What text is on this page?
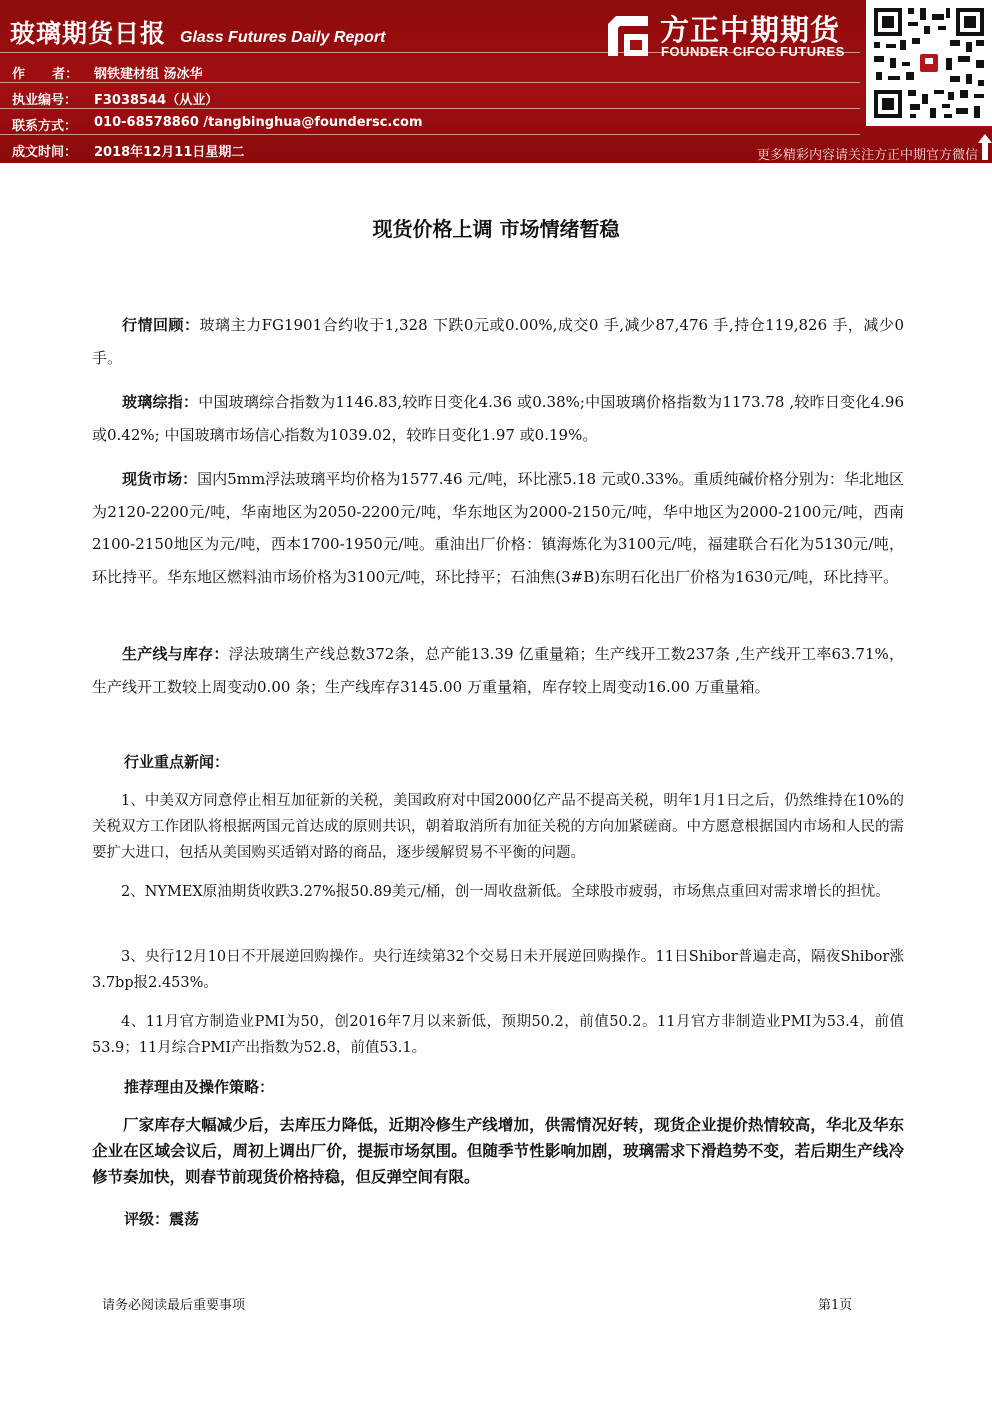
玻璃期货日报 Glass Futures Daily Report
作      者：	钢铁建材组 汤冰华
执业编号：	F3038544（从业）
联系方式：	010-68578860 /tangbinghua@foundersc.com
成文时间：	2018年12月11日星期二
方正中期期货
FOUNDER CIFCO FUTURES
更多精彩内容请关注方正中期官方微信
现货价格上调 市场情绪暂稳
行情回顾：玻璃主力FG1901合约收于1,328 下跌0元或0.00%,成交0 手,减少87,476 手,持仓119,826 手，减少0 手。
玻璃综指：中国玻璃综合指数为1146.83,较昨日变化4.36 或0.38%;中国玻璃价格指数为1173.78 ,较昨日变化4.96 或0.42%; 中国玻璃市场信心指数为1039.02，较昨日变化1.97 或0.19%。
现货市场：国内5mm浮法玻璃平均价格为1577.46 元/吨，环比涨5.18 元或0.33%。重质纯碱价格分别为：华北地区为2120-2200元/吨，华南地区为2050-2200元/吨，华东地区为2000-2150元/吨，华中地区为2000-2100元/吨，西南2100-2150地区为元/吨，西本1700-1950元/吨。重油出厂价格：镇海炼化为3100元/吨，福建联合石化为5130元/吨，环比持平。华东地区燃料油市场价格为3100元/吨，环比持平；石油焦(3#B)东明石化出厂价格为1630元/吨，环比持平。
生产线与库存：浮法玻璃生产线总数372条，总产能13.39 亿重量箱；生产线开工数237条 ,生产线开工率63.71%，生产线开工数较上周变动0.00 条；生产线库存3145.00 万重量箱，库存较上周变动16.00 万重量箱。
行业重点新闻：
1、中美双方同意停止相互加征新的关税，美国政府对中国2000亿产品不提高关税，明年1月1日之后，仍然维持在10%的关税双方工作团队将根据两国元首达成的原则共识，朝着取消所有加征关税的方向加紧磋商。中方愿意根据国内市场和人民的需要扩大进口，包括从美国购买适销对路的商品，逐步缓解贸易不平衡的问题。
2、NYMEX原油期货收跌3.27%报50.89美元/桶，创一周收盘新低。全球股市疲弱，市场焦点重回对需求增长的担忧。
3、央行12月10日不开展逆回购操作。央行连续第32个交易日未开展逆回购操作。11日Shibor普遍走高，隔夜Shibor涨3.7bp报2.453%。
4、11月官方制造业PMI为50，创2016年7月以来新低，预期50.2，前值50.2。11月官方非制造业PMI为53.4，前值53.9；11月综合PMI产出指数为52.8，前值53.1。
推荐理由及操作策略：
厂家库存大幅减少后，去库压力降低，近期冷修生产线增加，供需情况好转，现货企业提价热情较高，华北及华东企业在区域会议后，周初上调出厂价，提振市场氛围。但随季节性影响加剧，玻璃需求下滑趋势不变，若后期生产线冷修节奏加快，则春节前现货价格持稳，但反弹空间有限。
评级：震荡
请务必阅读最后重要事项	第1页
